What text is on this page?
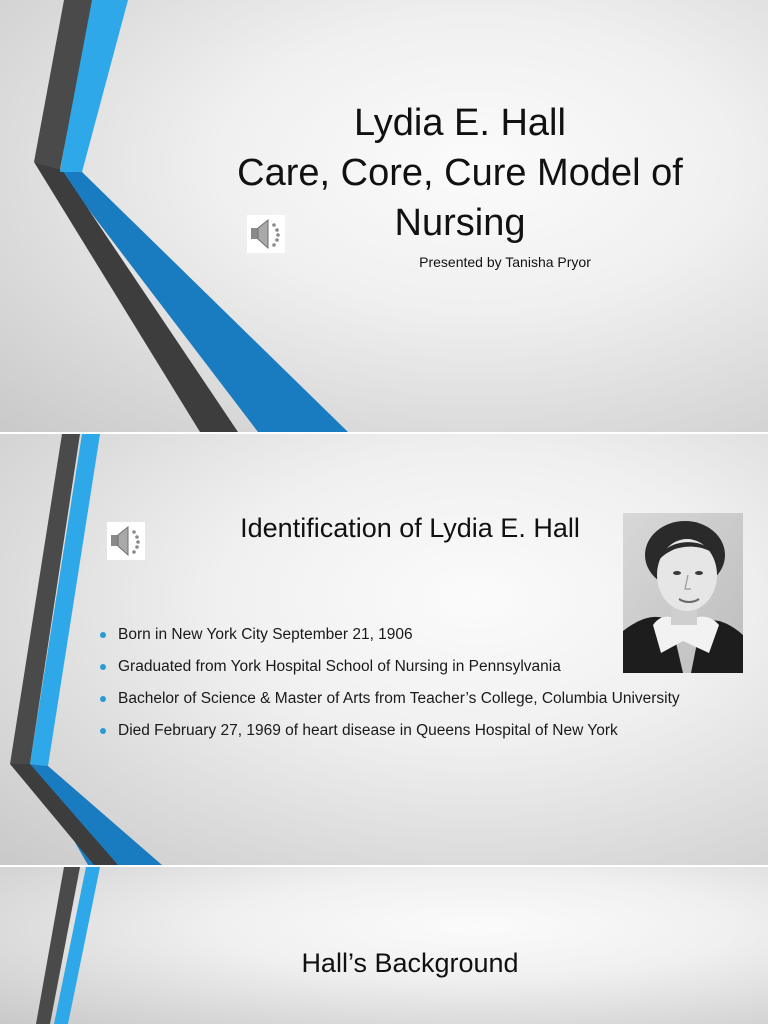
Lydia E. Hall
Care, Core, Cure Model of
Nursing
Presented by Tanisha Pryor
Identification of Lydia E. Hall
Born in New York City September 21, 1906
Graduated from York Hospital School of Nursing in Pennsylvania
Bachelor of Science & Master of Arts from Teacher’s College, Columbia University
Died February 27, 1969 of heart disease in Queens Hospital of New York
Hall’s Background
